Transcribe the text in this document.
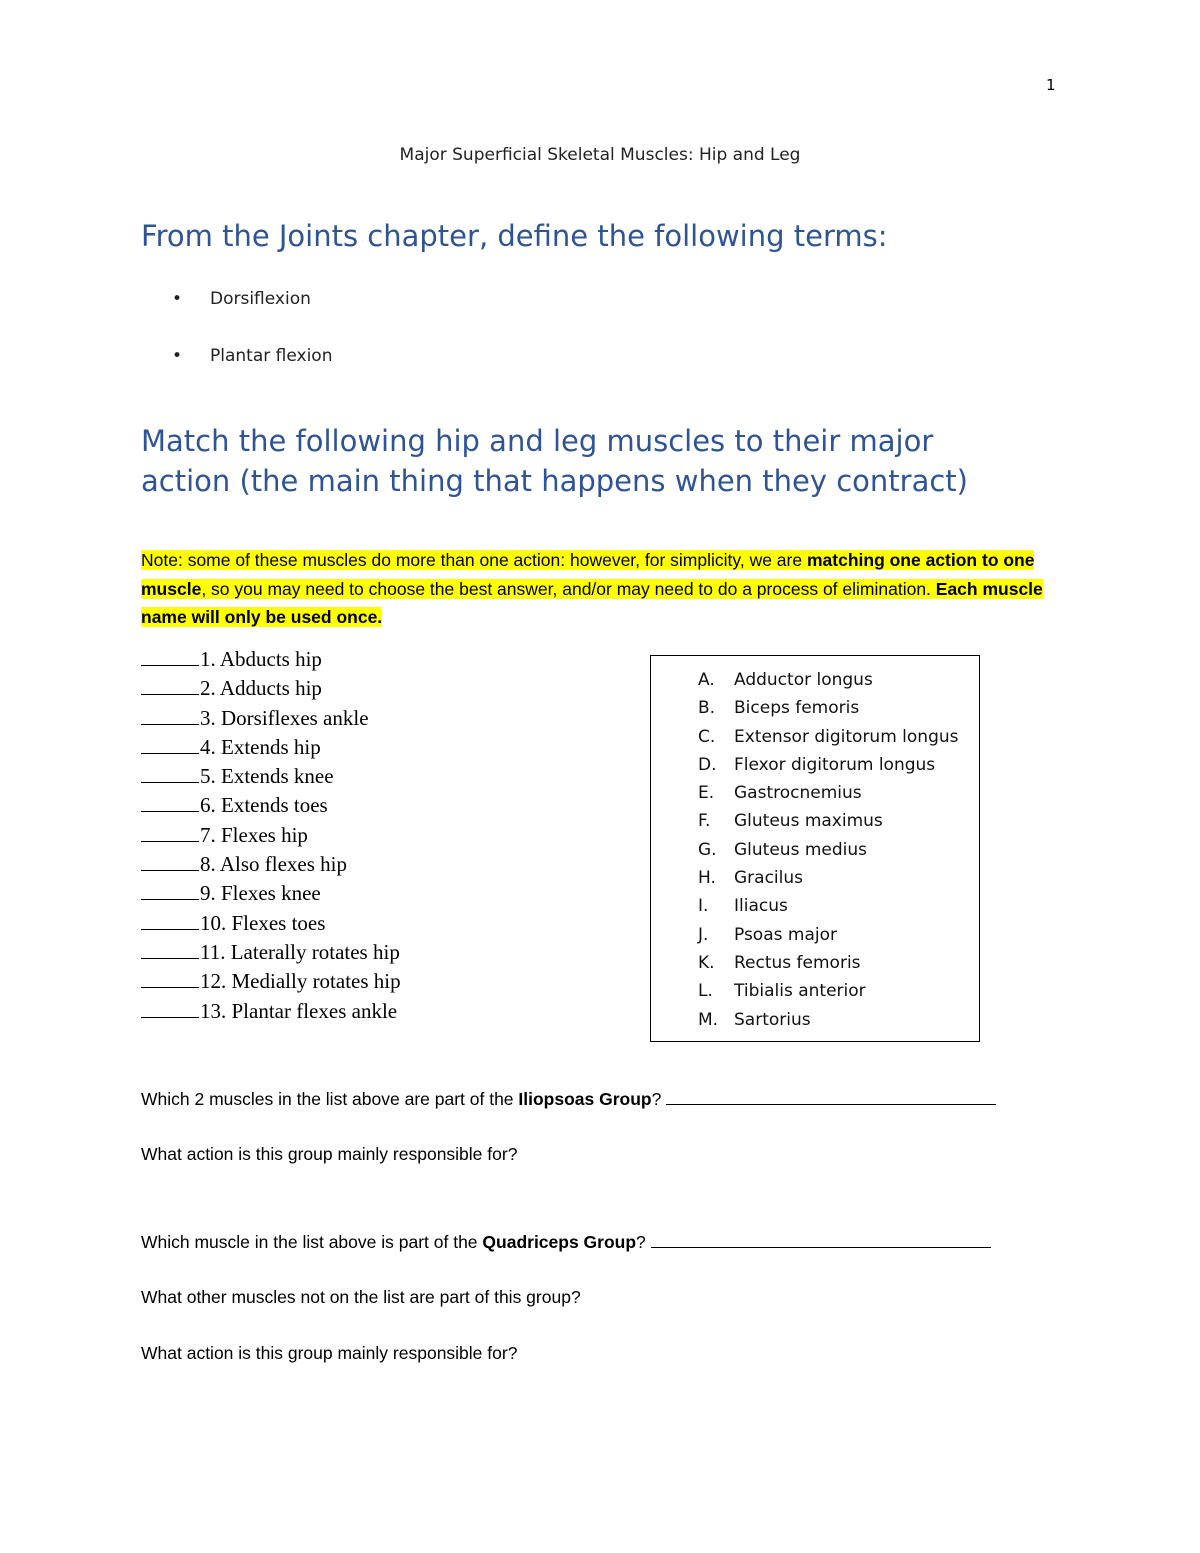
1
Major Superficial Skeletal Muscles: Hip and Leg
From the Joints chapter, define the following terms:
•	Dorsiflexion
•	Plantar flexion
Match the following hip and leg muscles to their major
action (the main thing that happens when they contract)

Note: some of these muscles do more than one action: however, for simplicity, we are matching one action to one muscle, so you may need to choose the best answer, and/or may need to do a process of elimination. Each muscle name will only be used once.

1. Abducts hip
2. Adducts hip
3. Dorsiflexes ankle
4. Extends hip
5. Extends knee
6. Extends toes
7. Flexes hip
8. Also flexes hip
9. Flexes knee
10. Flexes toes
11. Laterally rotates hip
12. Medially rotates hip
13. Plantar flexes ankle
A.	Adductor longus
B.	Biceps femoris
C.	Extensor digitorum longus
D.	Flexor digitorum longus
E.	Gastrocnemius
F.	Gluteus maximus
G.	Gluteus medius
H.	Gracilus
I.	Iliacus
J.	Psoas major
K.	Rectus femoris
L.	Tibialis anterior
M. Sartorius
Which 2 muscles in the list above are part of the Iliopsoas Group?
What action is this group mainly responsible for?
Which muscle in the list above is part of the Quadriceps Group?
What other muscles not on the list are part of this group?
What action is this group mainly responsible for?
